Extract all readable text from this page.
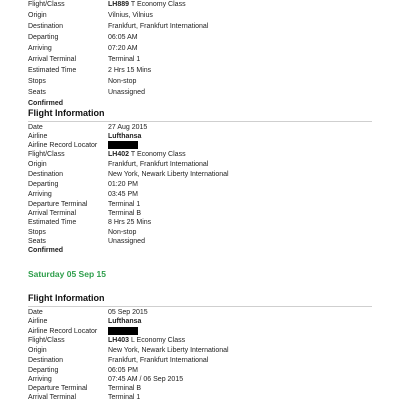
Flight/Class	LH889 T Economy Class
Origin	Vilnius, Vilnius
Destination	Frankfurt, Frankfurt International
Departing	06:05 AM
Arriving	07:20 AM
Arrival Terminal	Terminal 1
Estimated Time	2 Hrs 15 Mins
Stops	Non-stop
Seats	Unassigned
Confirmed
Flight Information
Date	27 Aug 2015
Airline	Lufthansa
Airline Record Locator
Flight/Class	LH402 T Economy Class
Origin	Frankfurt, Frankfurt International
Destination	New York, Newark Liberty International
Departing	01:20 PM
Arriving	03:45 PM
Departure Terminal	Terminal 1
Arrival Terminal	Terminal B
Estimated Time	8 Hrs 25 Mins
Stops	Non-stop
Seats	Unassigned
Confirmed
Saturday 05 Sep 15
Flight Information
Date	05 Sep 2015
Airline	Lufthansa
Airline Record Locator
Flight/Class	LH403 L Economy Class
Origin	New York, Newark Liberty International
Destination	Frankfurt, Frankfurt International
Departing	06:05 PM
Arriving	07:45 AM / 06 Sep 2015
Departure Terminal	Terminal B
Arrival Terminal	Terminal 1
